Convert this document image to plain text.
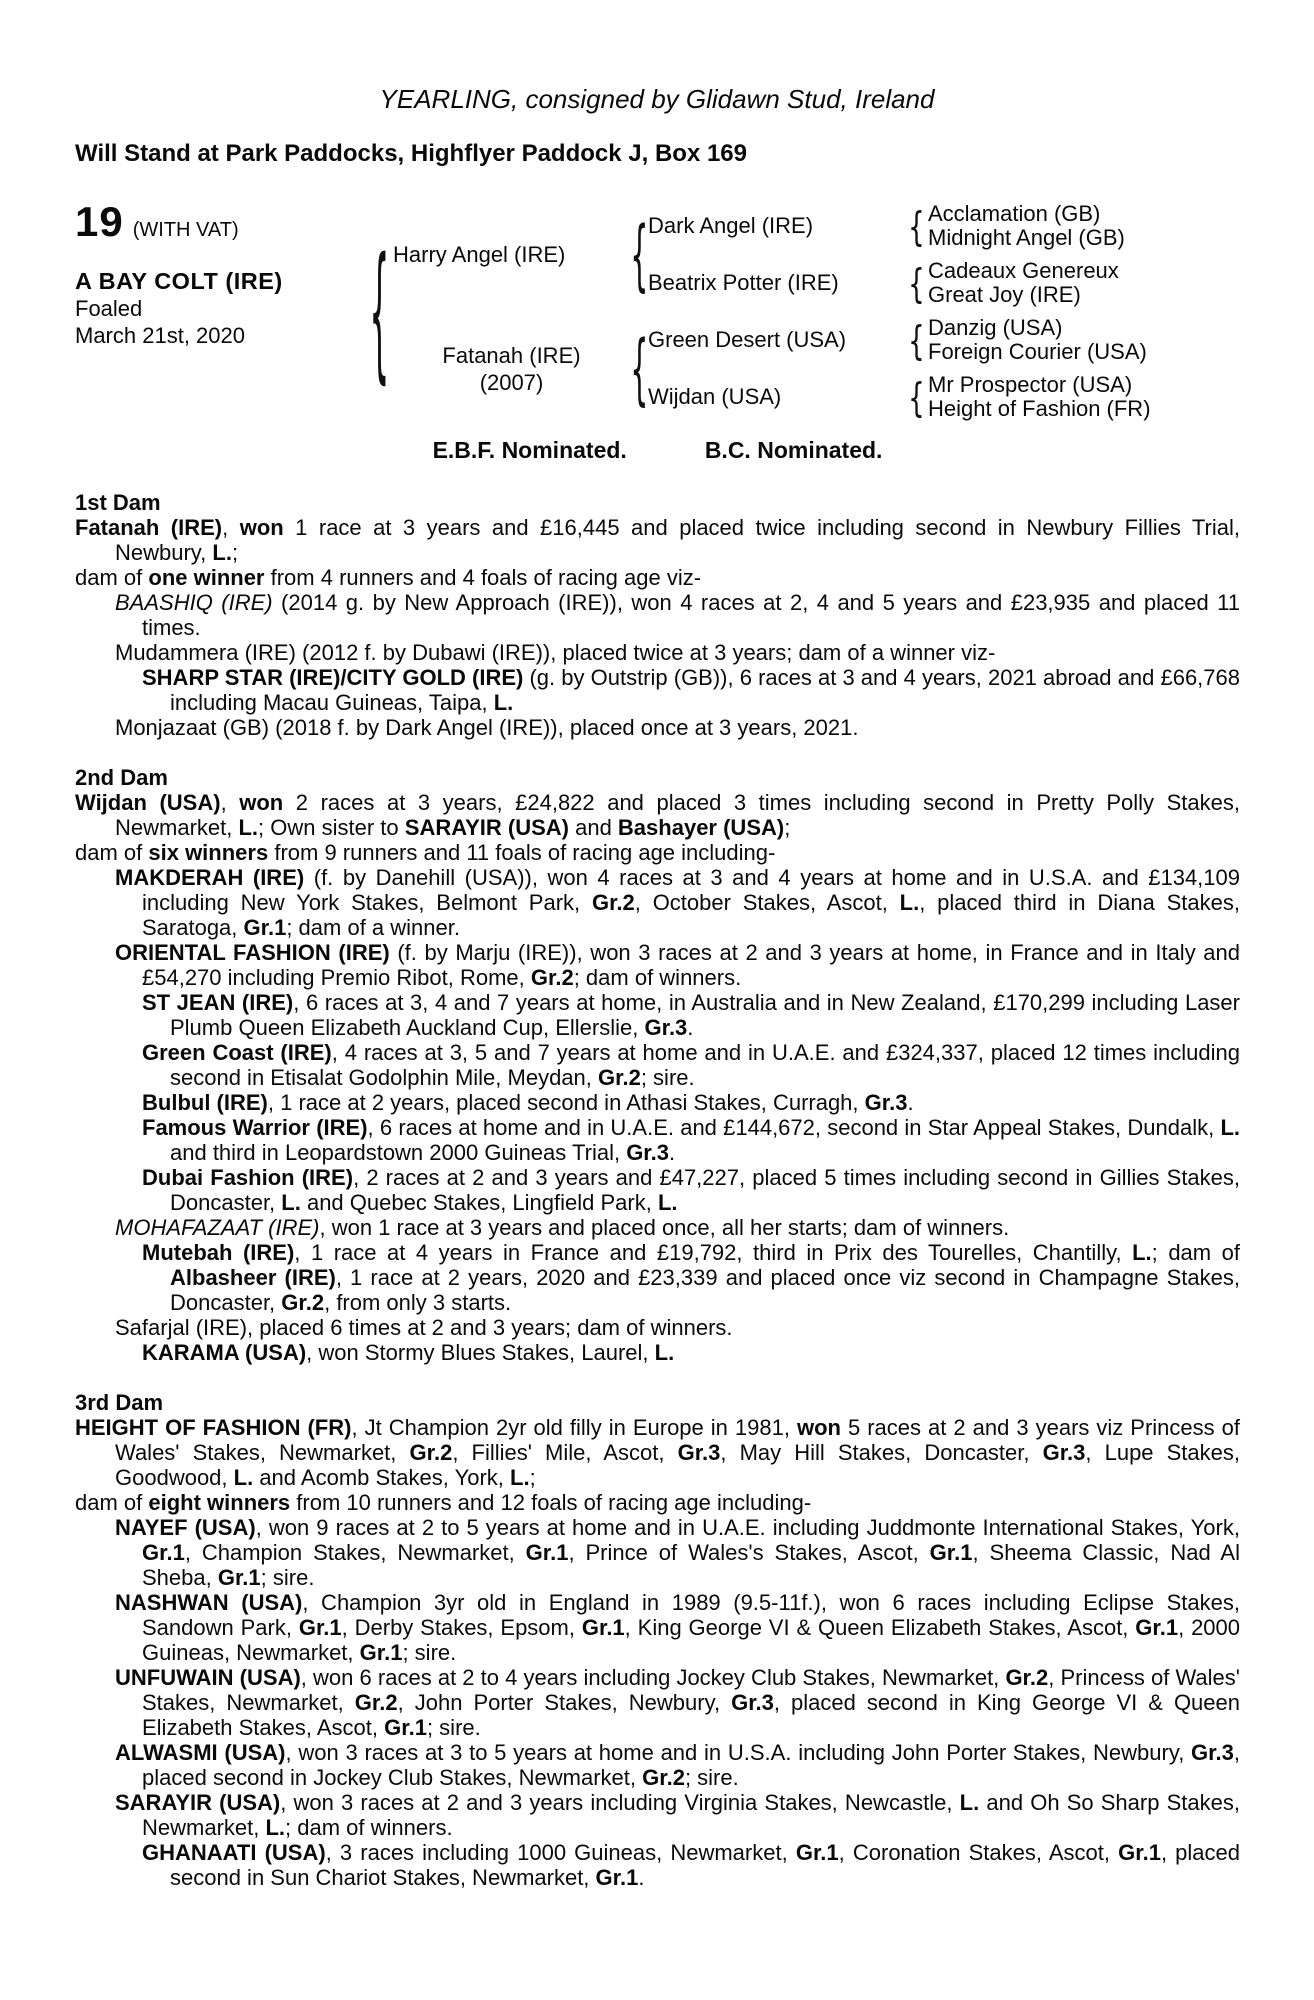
YEARLING, consigned by Glidawn Stud, Ireland
Will Stand at Park Paddocks, Highflyer Paddock J, Box 169
19 (WITH VAT)
A BAY COLT (IRE)
Foaled
March 21st, 2020
{
Harry Angel (IRE)
Fatanah (IRE)
(2007)
{
{
Dark Angel (IRE)
Beatrix Potter (IRE)
Green Desert (USA)
Wijdan (USA)
{
{
{
{
Acclamation (GB)
Midnight Angel (GB)
Cadeaux Genereux
Great Joy (IRE)
Danzig (USA)
Foreign Courier (USA)
Mr Prospector (USA)
Height of Fashion (FR)
E.B.F. Nominated.	B.C. Nominated.
1st Dam

Fatanah (IRE), won 1 race at 3 years and £16,445 and placed twice including second in Newbury Fillies Trial, Newbury, L.;

dam of one winner from 4 runners and 4 foals of racing age viz-

BAASHIQ (IRE) (2014 g. by New Approach (IRE)), won 4 races at 2, 4 and 5 years and £23,935 and placed 11 times.

Mudammera (IRE) (2012 f. by Dubawi (IRE)), placed twice at 3 years; dam of a winner viz-

SHARP STAR (IRE)/CITY GOLD (IRE) (g. by Outstrip (GB)), 6 races at 3 and 4 years, 2021 abroad and £66,768 including Macau Guineas, Taipa, L.

Monjazaat (GB) (2018 f. by Dark Angel (IRE)), placed once at 3 years, 2021.

2nd Dam

Wijdan (USA), won 2 races at 3 years, £24,822 and placed 3 times including second in Pretty Polly Stakes, Newmarket, L.; Own sister to SARAYIR (USA) and Bashayer (USA);

dam of six winners from 9 runners and 11 foals of racing age including-

MAKDERAH (IRE) (f. by Danehill (USA)), won 4 races at 3 and 4 years at home and in U.S.A. and £134,109 including New York Stakes, Belmont Park, Gr.2, October Stakes, Ascot, L., placed third in Diana Stakes, Saratoga, Gr.1; dam of a winner.

ORIENTAL FASHION (IRE) (f. by Marju (IRE)), won 3 races at 2 and 3 years at home, in France and in Italy and £54,270 including Premio Ribot, Rome, Gr.2; dam of winners.

ST JEAN (IRE), 6 races at 3, 4 and 7 years at home, in Australia and in New Zealand, £170,299 including Laser Plumb Queen Elizabeth Auckland Cup, Ellerslie, Gr.3.

Green Coast (IRE), 4 races at 3, 5 and 7 years at home and in U.A.E. and £324,337, placed 12 times including second in Etisalat Godolphin Mile, Meydan, Gr.2; sire.

Bulbul (IRE), 1 race at 2 years, placed second in Athasi Stakes, Curragh, Gr.3.

Famous Warrior (IRE), 6 races at home and in U.A.E. and £144,672, second in Star Appeal Stakes, Dundalk, L. and third in Leopardstown 2000 Guineas Trial, Gr.3.

Dubai Fashion (IRE), 2 races at 2 and 3 years and £47,227, placed 5 times including second in Gillies Stakes, Doncaster, L. and Quebec Stakes, Lingfield Park, L.

MOHAFAZAAT (IRE), won 1 race at 3 years and placed once, all her starts; dam of winners.

Mutebah (IRE), 1 race at 4 years in France and £19,792, third in Prix des Tourelles, Chantilly, L.; dam of Albasheer (IRE), 1 race at 2 years, 2020 and £23,339 and placed once viz second in Champagne Stakes, Doncaster, Gr.2, from only 3 starts.

Safarjal (IRE), placed 6 times at 2 and 3 years; dam of winners.

KARAMA (USA), won Stormy Blues Stakes, Laurel, L.

3rd Dam

HEIGHT OF FASHION (FR), Jt Champion 2yr old filly in Europe in 1981, won 5 races at 2 and 3 years viz Princess of Wales' Stakes, Newmarket, Gr.2, Fillies' Mile, Ascot, Gr.3, May Hill Stakes, Doncaster, Gr.3, Lupe Stakes, Goodwood, L. and Acomb Stakes, York, L.;

dam of eight winners from 10 runners and 12 foals of racing age including-

NAYEF (USA), won 9 races at 2 to 5 years at home and in U.A.E. including Juddmonte International Stakes, York, Gr.1, Champion Stakes, Newmarket, Gr.1, Prince of Wales's Stakes, Ascot, Gr.1, Sheema Classic, Nad Al Sheba, Gr.1; sire.

NASHWAN (USA), Champion 3yr old in England in 1989 (9.5-11f.), won 6 races including Eclipse Stakes, Sandown Park, Gr.1, Derby Stakes, Epsom, Gr.1, King George VI & Queen Elizabeth Stakes, Ascot, Gr.1, 2000 Guineas, Newmarket, Gr.1; sire.

UNFUWAIN (USA), won 6 races at 2 to 4 years including Jockey Club Stakes, Newmarket, Gr.2, Princess of Wales' Stakes, Newmarket, Gr.2, John Porter Stakes, Newbury, Gr.3, placed second in King George VI & Queen Elizabeth Stakes, Ascot, Gr.1; sire.

ALWASMI (USA), won 3 races at 3 to 5 years at home and in U.S.A. including John Porter Stakes, Newbury, Gr.3, placed second in Jockey Club Stakes, Newmarket, Gr.2; sire.

SARAYIR (USA), won 3 races at 2 and 3 years including Virginia Stakes, Newcastle, L. and Oh So Sharp Stakes, Newmarket, L.; dam of winners.

GHANAATI (USA), 3 races including 1000 Guineas, Newmarket, Gr.1, Coronation Stakes, Ascot, Gr.1, placed second in Sun Chariot Stakes, Newmarket, Gr.1.
